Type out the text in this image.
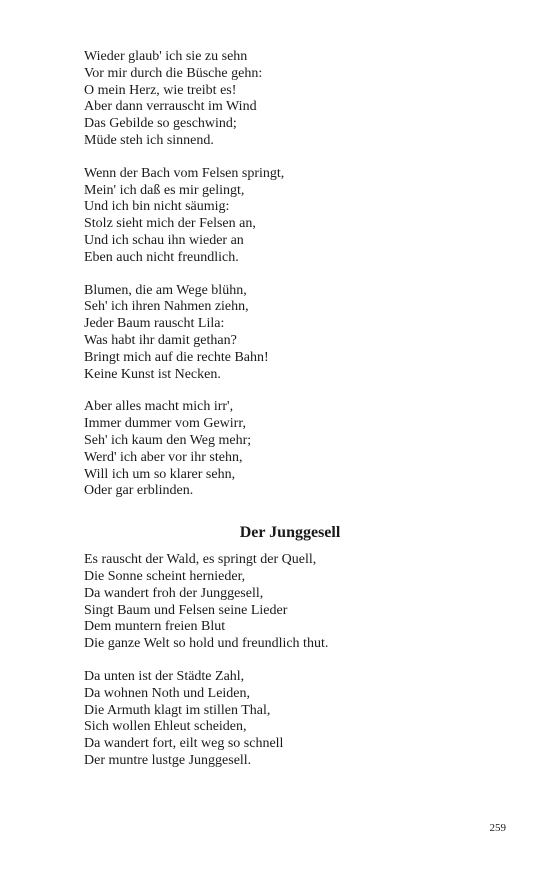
Wieder glaub' ich sie zu sehn
Vor mir durch die Büsche gehn:
O mein Herz, wie treibt es!
Aber dann verrauscht im Wind
Das Gebilde so geschwind;
Müde steh ich sinnend.
Wenn der Bach vom Felsen springt,
Mein' ich daß es mir gelingt,
Und ich bin nicht säumig:
Stolz sieht mich der Felsen an,
Und ich schau ihn wieder an
Eben auch nicht freundlich.
Blumen, die am Wege blühn,
Seh' ich ihren Nahmen ziehn,
Jeder Baum rauscht Lila:
Was habt ihr damit gethan?
Bringt mich auf die rechte Bahn!
Keine Kunst ist Necken.
Aber alles macht mich irr',
Immer dummer vom Gewirr,
Seh' ich kaum den Weg mehr;
Werd' ich aber vor ihr stehn,
Will ich um so klarer sehn,
Oder gar erblinden.
Der Junggesell
Es rauscht der Wald, es springt der Quell,
Die Sonne scheint hernieder,
Da wandert froh der Junggesell,
Singt Baum und Felsen seine Lieder
Dem muntern freien Blut
Die ganze Welt so hold und freundlich thut.
Da unten ist der Städte Zahl,
Da wohnen Noth und Leiden,
Die Armuth klagt im stillen Thal,
Sich wollen Ehleut scheiden,
Da wandert fort, eilt weg so schnell
Der muntre lustge Junggesell.
259
